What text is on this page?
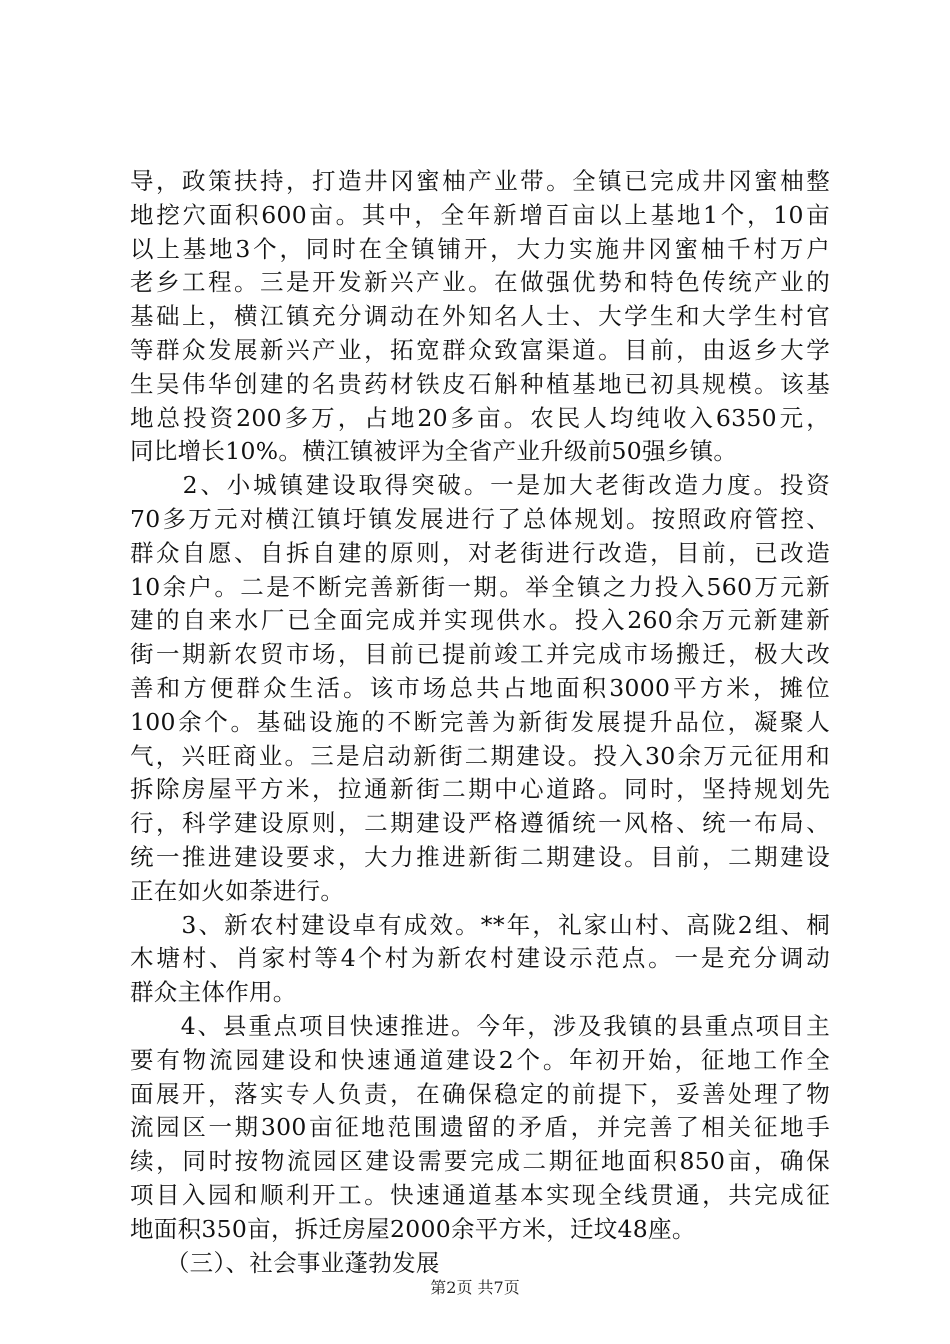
导，政策扶持，打造井冈蜜柚产业带。全镇已完成井冈蜜柚整
地挖穴面积600亩。其中，全年新增百亩以上基地1个，10亩
以上基地3个，同时在全镇铺开，大力实施井冈蜜柚千村万户
老乡工程。三是开发新兴产业。在做强优势和特色传统产业的
基础上，横江镇充分调动在外知名人士、大学生和大学生村官
等群众发展新兴产业，拓宽群众致富渠道。目前，由返乡大学
生吴伟华创建的名贵药材铁皮石斛种植基地已初具规模。该基
地总投资200多万，占地20多亩。农民人均纯收入6350元，
同比增长10%。横江镇被评为全省产业升级前50强乡镇。
　　2、小城镇建设取得突破。一是加大老街改造力度。投资
70多万元对横江镇圩镇发展进行了总体规划。按照政府管控、
群众自愿、自拆自建的原则，对老街进行改造，目前，已改造
10余户。二是不断完善新街一期。举全镇之力投入560万元新
建的自来水厂已全面完成并实现供水。投入260余万元新建新
街一期新农贸市场，目前已提前竣工并完成市场搬迁，极大改
善和方便群众生活。该市场总共占地面积3000平方米，摊位
100余个。基础设施的不断完善为新街发展提升品位，凝聚人
气，兴旺商业。三是启动新街二期建设。投入30余万元征用和
拆除房屋平方米，拉通新街二期中心道路。同时，坚持规划先
行，科学建设原则，二期建设严格遵循统一风格、统一布局、
统一推进建设要求，大力推进新街二期建设。目前，二期建设
正在如火如荼进行。
　　3、新农村建设卓有成效。**年，礼家山村、高陇2组、桐
木塘村、肖家村等4个村为新农村建设示范点。一是充分调动
群众主体作用。
　　4、县重点项目快速推进。今年，涉及我镇的县重点项目主
要有物流园建设和快速通道建设2个。年初开始，征地工作全
面展开，落实专人负责，在确保稳定的前提下，妥善处理了物
流园区一期300亩征地范围遗留的矛盾，并完善了相关征地手
续，同时按物流园区建设需要完成二期征地面积850亩，确保
项目入园和顺利开工。快速通道基本实现全线贯通，共完成征
地面积350亩，拆迁房屋2000余平方米，迁坟48座。
　　（三）、社会事业蓬勃发展
第2页 共7页
